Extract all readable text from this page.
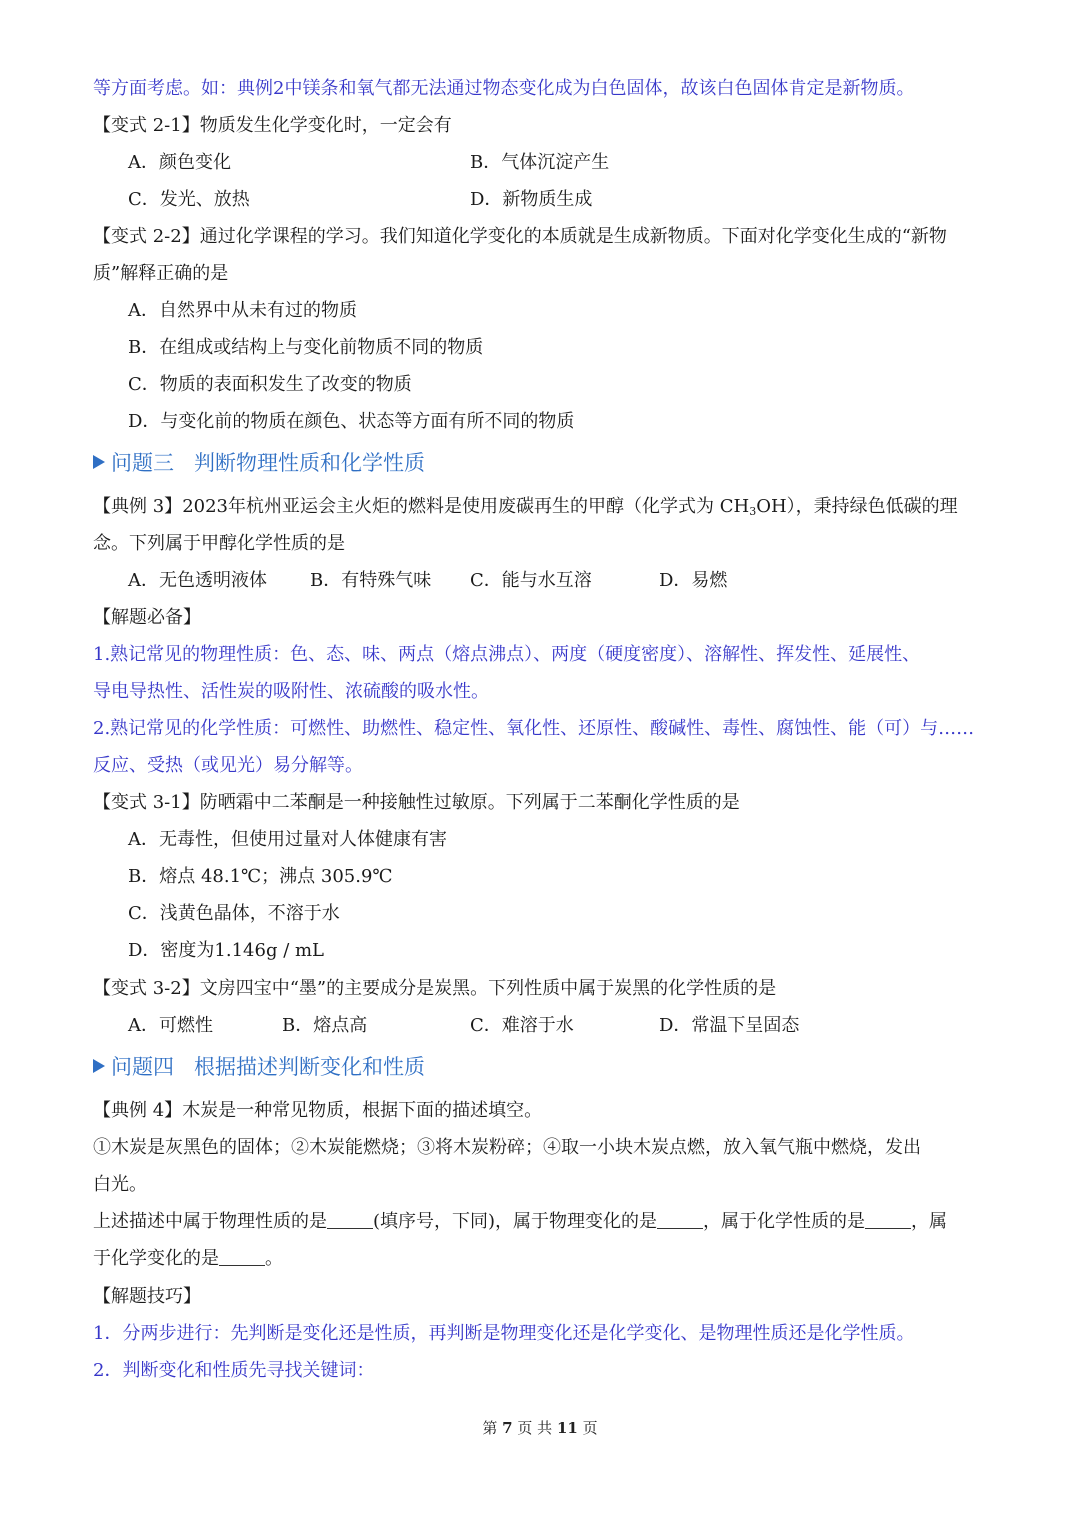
等方面考虑。如：典例2中镁条和氧气都无法通过物态变化成为白色固体，故该白色固体肯定是新物质。
【变式 2-1】物质发生化学变化时，一定会有
A．颜色变化	B．气体沉淀产生
C．发光、放热	D．新物质生成
【变式 2-2】通过化学课程的学习。我们知道化学变化的本质就是生成新物质。下面对化学变化生成的“新物
质”解释正确的是
A．自然界中从未有过的物质
B．在组成或结构上与变化前物质不同的物质
C．物质的表面积发生了改变的物质
D．与变化前的物质在颜色、状态等方面有所不同的物质
问题三 判断物理性质和化学性质
【典例 3】2023年杭州亚运会主火炬的燃料是使用废碳再生的甲醇（化学式为 $CH_3OH$），秉持绿色低碳的理
念。下列属于甲醇化学性质的是
A．无色透明液体 B．有特殊气味 C．能与水互溶	D．易燃
【解题必备】
1.熟记常见的物理性质：色、态、味、两点（熔点沸点）、两度（硬度密度）、溶解性、挥发性、延展性、
导电导热性、活性炭的吸附性、浓硫酸的吸水性。
2.熟记常见的化学性质：可燃性、助燃性、稳定性、氧化性、还原性、酸碱性、毒性、腐蚀性、能（可）与……
反应、受热（或见光）易分解等。
【变式 3-1】防晒霜中二苯酮是一种接触性过敏原。下列属于二苯酮化学性质的是
A．无毒性，但使用过量对人体健康有害
B．熔点 48.1℃；沸点 305.9℃
C．浅黄色晶体，不溶于水
D．密度为1.146g / mL
【变式 3-2】文房四宝中“墨”的主要成分是炭黑。下列性质中属于炭黑的化学性质的是
A．可燃性	B．熔点高	C．难溶于水	D．常温下呈固态
问题四 根据描述判断变化和性质
【典例 4】木炭是一种常见物质，根据下面的描述填空。
①木炭是灰黑色的固体；②木炭能燃烧；③将木炭粉碎；④取一小块木炭点燃，放入氧气瓶中燃烧，发出
白光。
上述描述中属于物理性质的是	(填序号，下同)，属于物理变化的是	，属于化学性质的是	，属
于化学变化的是	。
【解题技巧】
1．分两步进行：先判断是变化还是性质，再判断是物理变化还是化学变化、是物理性质还是化学性质。
2．判断变化和性质先寻找关键词：
第 7 页 共 11 页
